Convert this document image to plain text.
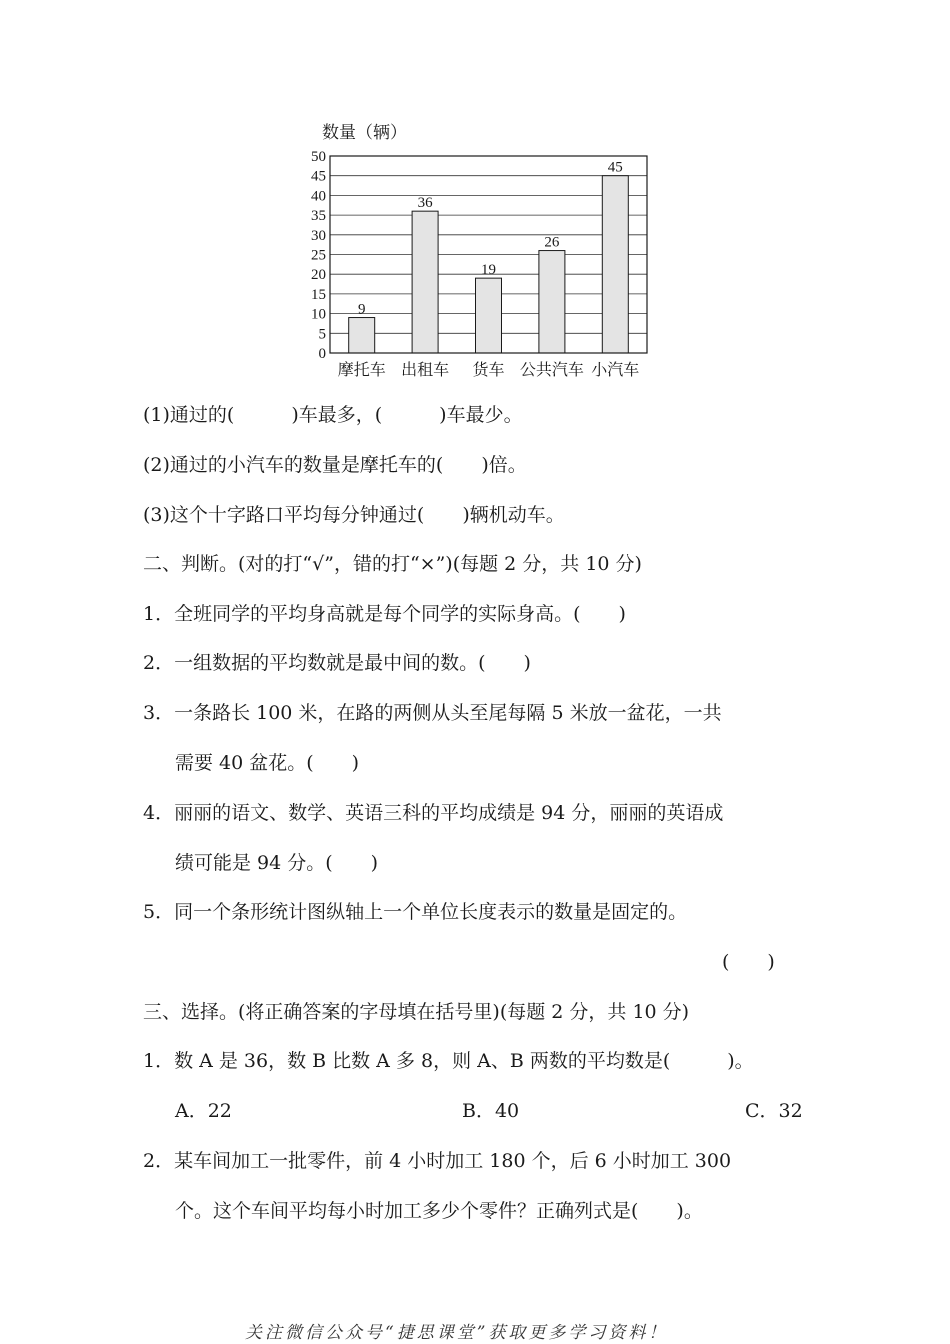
数量（辆）
9
36
19
26
45
0
5
10
15
20
25
30
35
40
45
50
摩托车 出租车 货车 公共汽车 小汽车
(1)通过的(　　　)车最多，(　　　)车最少。
(2)通过的小汽车的数量是摩托车的(　　)倍。
(3)这个十字路口平均每分钟通过(　　)辆机动车。
二、判断。(对的打“√”，错的打“×”)(每题 2 分，共 10 分)
1．全班同学的平均身高就是每个同学的实际身高。(　　)
2．一组数据的平均数就是最中间的数。(　　)
3．一条路长 100 米，在路的两侧从头至尾每隔 5 米放一盆花，一共
需要 40 盆花。(　　)
4．丽丽的语文、数学、英语三科的平均成绩是 94 分，丽丽的英语成
绩可能是 94 分。(　　)
5．同一个条形统计图纵轴上一个单位长度表示的数量是固定的。
(　　)
三、选择。(将正确答案的字母填在括号里)(每题 2 分，共 10 分)
1．数 A 是 36，数 B 比数 A 多 8，则 A、B 两数的平均数是(　　　)。
A．22	B．40	C．32
2．某车间加工一批零件，前 4 小时加工 180 个，后 6 小时加工 300
个。这个车间平均每小时加工多少个零件？正确列式是(　　)。
关注微信公众号“捷思课堂”获取更多学习资料！
